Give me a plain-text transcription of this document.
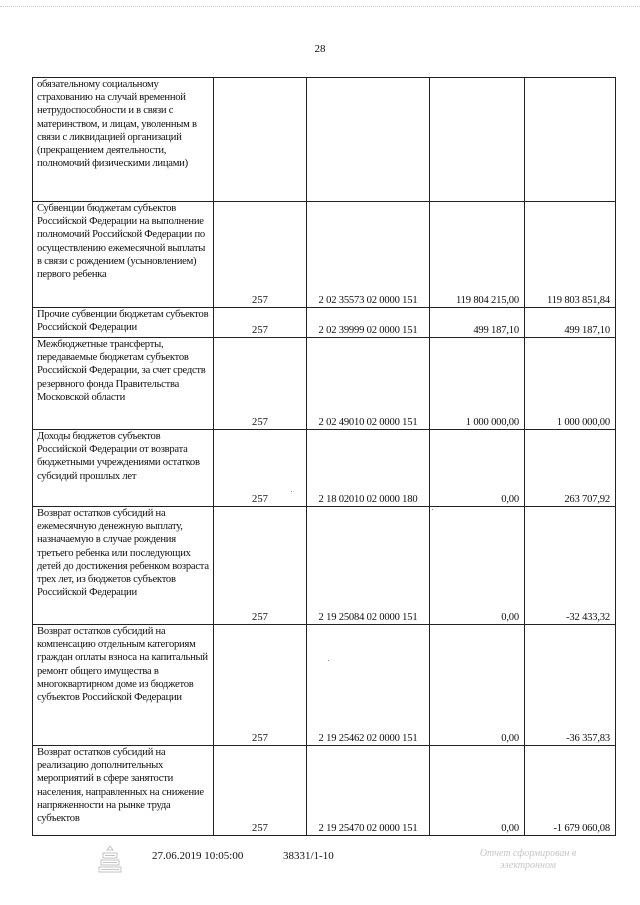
28
обязательному социальному страхованию на случай временной нетрудоспособности и в связи с материнством, и лицам, уволенным в связи с ликвидацией организаций (прекращением деятельности, полномочий физическими лицами)				
Субвенции бюджетам субъектов Российской Федерации на выполнение полномочий Российской Федерации по осуществлению ежемесячной выплаты в связи с рождением (усыновлением) первого ребенка	257	2 02 35573 02 0000 151	119 804 215,00	119 803 851,84
Прочие субвенции бюджетам субъектов Российской Федерации	257	2 02 39999 02 0000 151	499 187,10	499 187,10
Межбюджетные трансферты, передаваемые бюджетам субъектов Российской Федерации, за счет средств резервного фонда Правительства Московской области	257	2 02 49010 02 0000 151	1 000 000,00	1 000 000,00
Доходы бюджетов субъектов Российской Федерации от возврата бюджетными учреждениями остатков субсидий прошлых лет	257	2 18 02010 02 0000 180	0,00	263 707,92
Возврат остатков субсидий на ежемесячную денежную выплату, назначаемую в случае рождения третьего ребенка или последующих детей до достижения ребенком возраста трех лет, из бюджетов субъектов Российской Федерации	257	2 19 25084 02 0000 151	0,00	-32 433,32
Возврат остатков субсидий на компенсацию отдельным категориям граждан оплаты взноса на капитальный ремонт общего имущества в многоквартирном доме из бюджетов субъектов Российской Федерации	257	2 19 25462 02 0000 151	0,00	-36 357,83
Возврат остатков субсидий на реализацию дополнительных мероприятий в сфере занятости населения, направленных на снижение напряженности на рынке труда субъектов	257	2 19 25470 02 0000 151	0,00	-1 679 060,08
27.06.2019 10:05:00	38331/1-10	Отчет сформирован в
электронном
